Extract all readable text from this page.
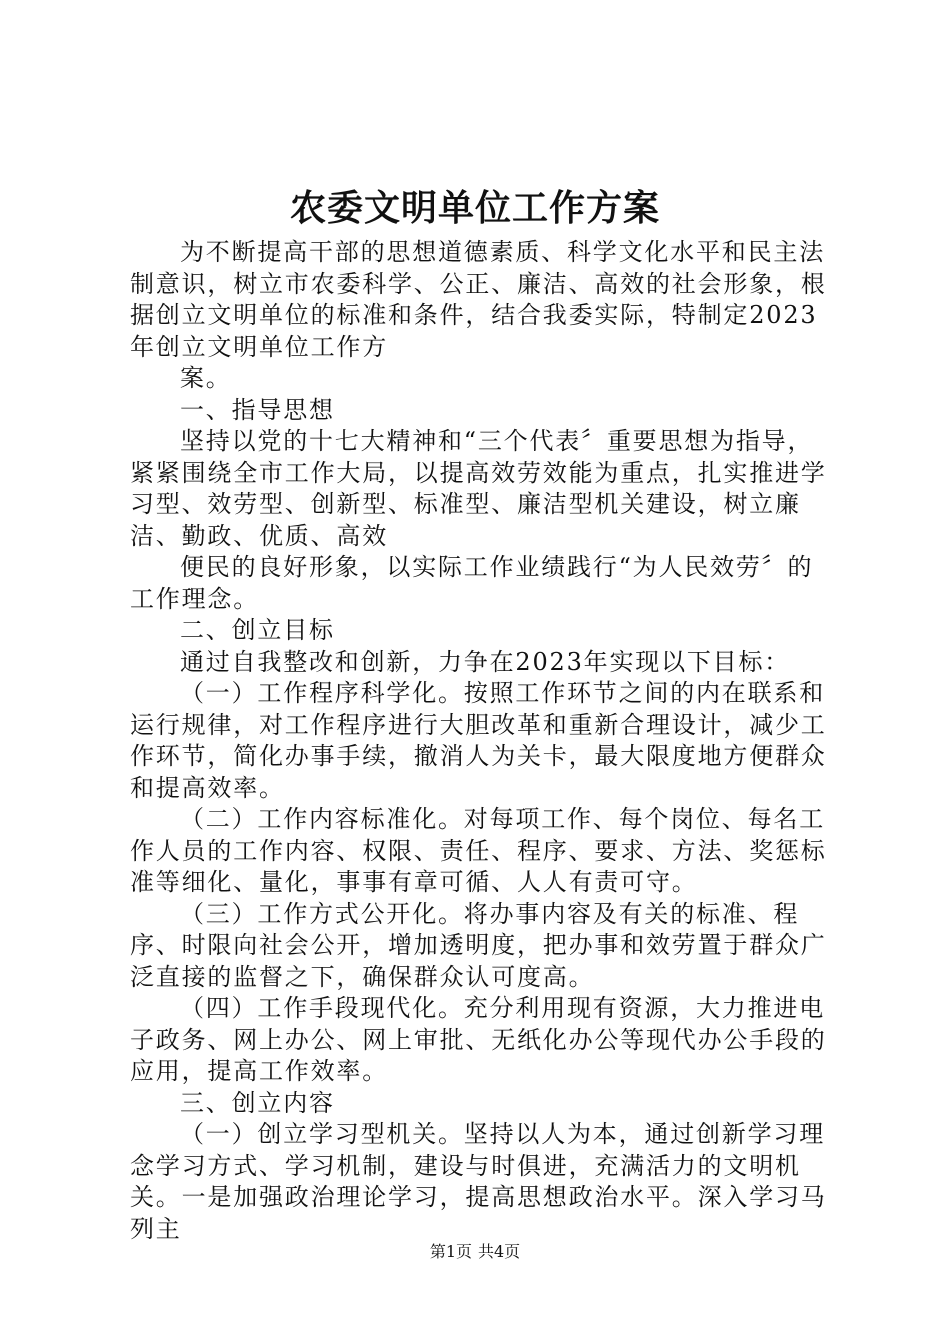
农委文明单位工作方案

为不断提高干部的思想道德素质、科学文化水平和民主法制意识，树立市农委科学、公正、廉洁、高效的社会形象，根据创立文明单位的标准和条件，结合我委实际，特制定2023年创立文明单位工作方

案。

一、指导思想

坚持以党的十七大精神和“三个代表〞重要思想为指导，紧紧围绕全市工作大局，以提高效劳效能为重点，扎实推进学习型、效劳型、创新型、标准型、廉洁型机关建设，树立廉洁、勤政、优质、高效

便民的良好形象，以实际工作业绩践行“为人民效劳〞的工作理念。

二、创立目标

通过自我整改和创新，力争在2023年实现以下目标：

（一）工作程序科学化。按照工作环节之间的内在联系和运行规律，对工作程序进行大胆改革和重新合理设计，减少工作环节，简化办事手续，撤消人为关卡，最大限度地方便群众和提高效率。

（二）工作内容标准化。对每项工作、每个岗位、每名工作人员的工作内容、权限、责任、程序、要求、方法、奖惩标准等细化、量化，事事有章可循、人人有责可守。

（三）工作方式公开化。将办事内容及有关的标准、程序、时限向社会公开，增加透明度，把办事和效劳置于群众广泛直接的监督之下，确保群众认可度高。

（四）工作手段现代化。充分利用现有资源，大力推进电子政务、网上办公、网上审批、无纸化办公等现代办公手段的应用，提高工作效率。

三、创立内容

（一）创立学习型机关。坚持以人为本，通过创新学习理念学习方式、学习机制，建设与时俱进，充满活力的文明机关。一是加强政治理论学习，提高思想政治水平。深入学习马列主

第1页 共4页
